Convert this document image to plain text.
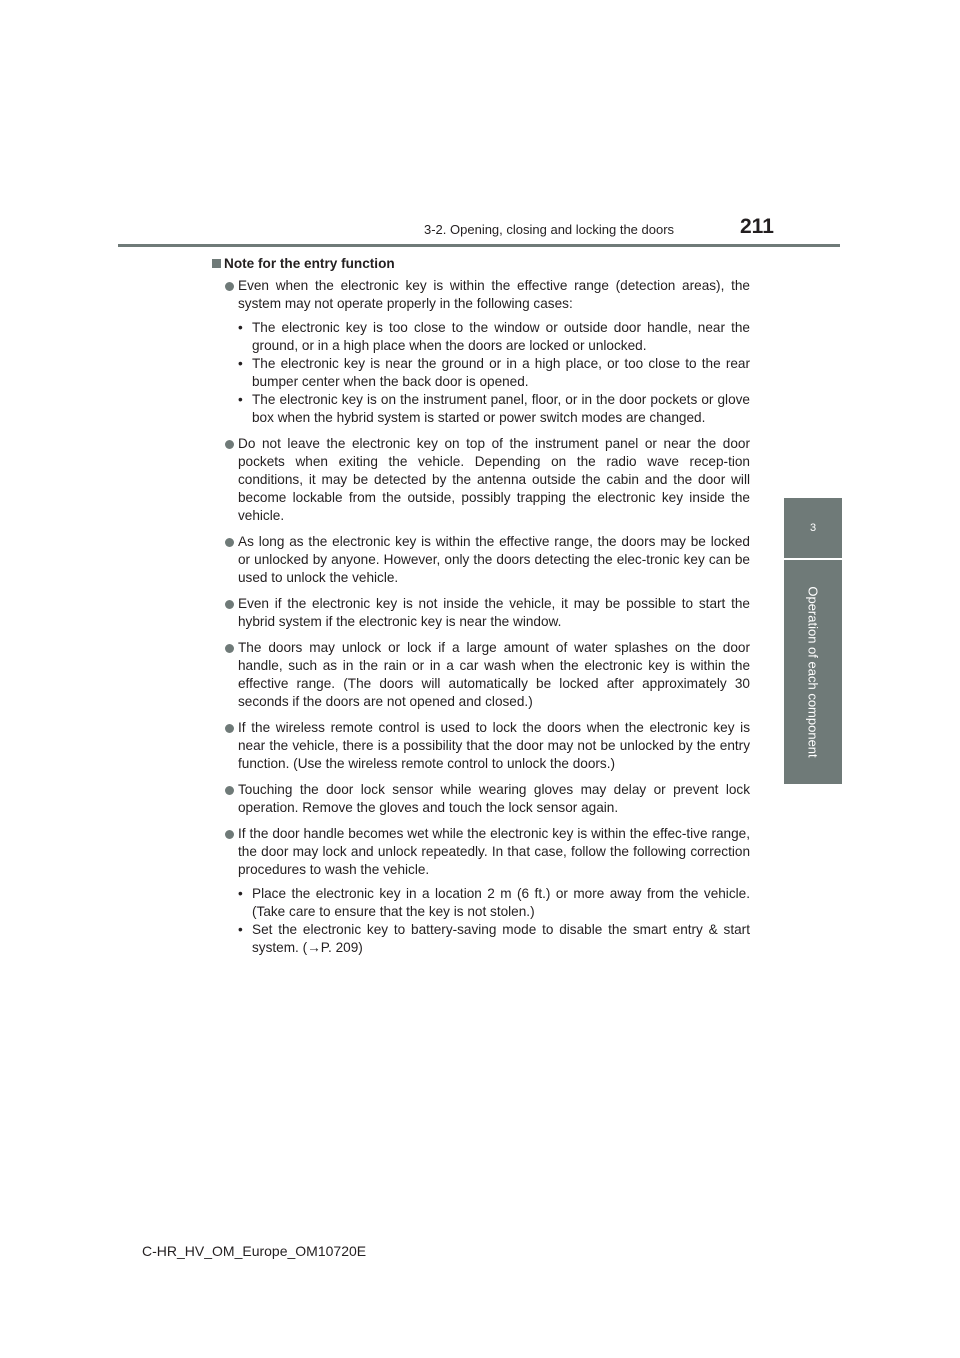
3-2. Opening, closing and locking the doors	211
3
Operation of each component
Note for the entry function
Even when the electronic key is within the effective range (detection areas), the system may not operate properly in the following cases:
• The electronic key is too close to the window or outside door handle, near the ground, or in a high place when the doors are locked or unlocked.
• The electronic key is near the ground or in a high place, or too close to the rear bumper center when the back door is opened.
• The electronic key is on the instrument panel, floor, or in the door pockets or glove box when the hybrid system is started or power switch modes are changed.
Do not leave the electronic key on top of the instrument panel or near the door pockets when exiting the vehicle. Depending on the radio wave recep-tion conditions, it may be detected by the antenna outside the cabin and the door will become lockable from the outside, possibly trapping the electronic key inside the vehicle.
As long as the electronic key is within the effective range, the doors may be locked or unlocked by anyone. However, only the doors detecting the elec-tronic key can be used to unlock the vehicle.
Even if the electronic key is not inside the vehicle, it may be possible to start the hybrid system if the electronic key is near the window.
The doors may unlock or lock if a large amount of water splashes on the door handle, such as in the rain or in a car wash when the electronic key is within the effective range. (The doors will automatically be locked after approximately 30 seconds if the doors are not opened and closed.)
If the wireless remote control is used to lock the doors when the electronic key is near the vehicle, there is a possibility that the door may not be unlocked by the entry function. (Use the wireless remote control to unlock the doors.)
Touching the door lock sensor while wearing gloves may delay or prevent lock operation. Remove the gloves and touch the lock sensor again.
If the door handle becomes wet while the electronic key is within the effec-tive range, the door may lock and unlock repeatedly. In that case, follow the following correction procedures to wash the vehicle.
• Place the electronic key in a location 2 m (6 ft.) or more away from the vehicle. (Take care to ensure that the key is not stolen.)
• Set the electronic key to battery-saving mode to disable the smart entry & start system. (→P. 209)
C-HR_HV_OM_Europe_OM10720E
